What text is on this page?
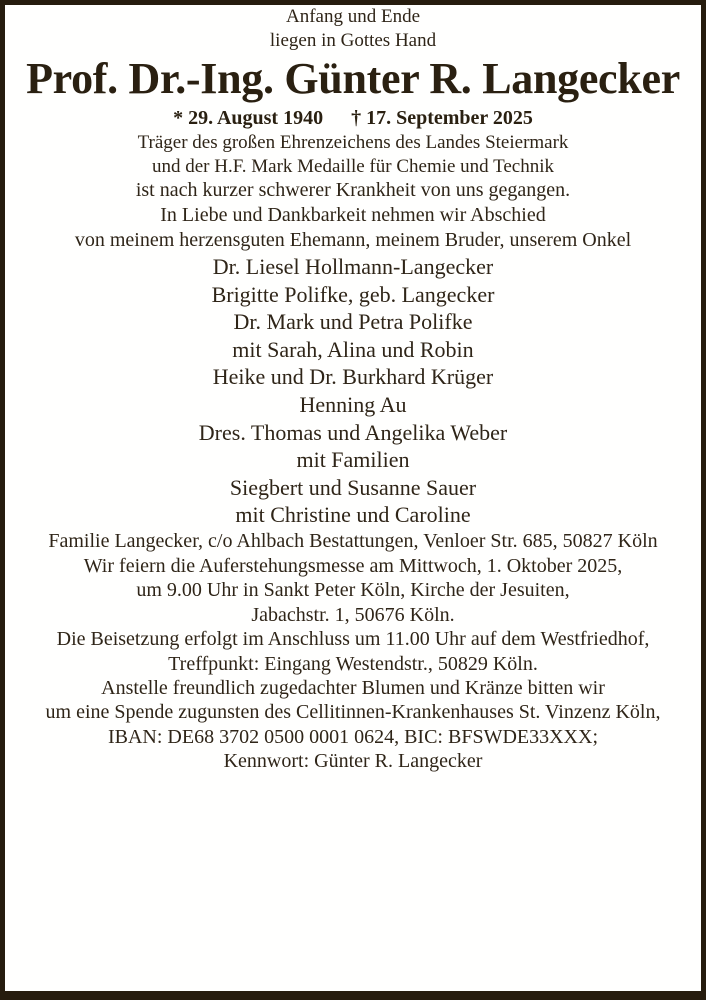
Anfang und Ende

liegen in Gottes Hand

Prof. Dr.-Ing. Günter R. Langecker
* 29. August 1940 † 17. September 2025

Träger des großen Ehrenzeichens des Landes Steiermark

und der H.F. Mark Medaille für Chemie und Technik

ist nach kurzer schwerer Krankheit von uns gegangen.

In Liebe und Dankbarkeit nehmen wir Abschied

von meinem herzensguten Ehemann, meinem Bruder, unserem Onkel

Dr. Liesel Hollmann-Langecker

Brigitte Polifke, geb. Langecker

Dr. Mark und Petra Polifke

mit Sarah, Alina und Robin

Heike und Dr. Burkhard Krüger

Henning Au

Dres. Thomas und Angelika Weber

mit Familien

Siegbert und Susanne Sauer

mit Christine und Caroline

Familie Langecker, c/o Ahlbach Bestattungen, Venloer Str. 685, 50827 Köln

Wir feiern die Auferstehungsmesse am Mittwoch, 1. Oktober 2025,

um 9.00 Uhr in Sankt Peter Köln, Kirche der Jesuiten,

Jabachstr. 1, 50676 Köln.

Die Beisetzung erfolgt im Anschluss um 11.00 Uhr auf dem Westfriedhof,

Treffpunkt: Eingang Westendstr., 50829 Köln.

Anstelle freundlich zugedachter Blumen und Kränze bitten wir

um eine Spende zugunsten des Cellitinnen-Krankenhauses St. Vinzenz Köln,

IBAN: DE68 3702 0500 0001 0624, BIC: BFSWDE33XXX;

Kennwort: Günter R. Langecker
